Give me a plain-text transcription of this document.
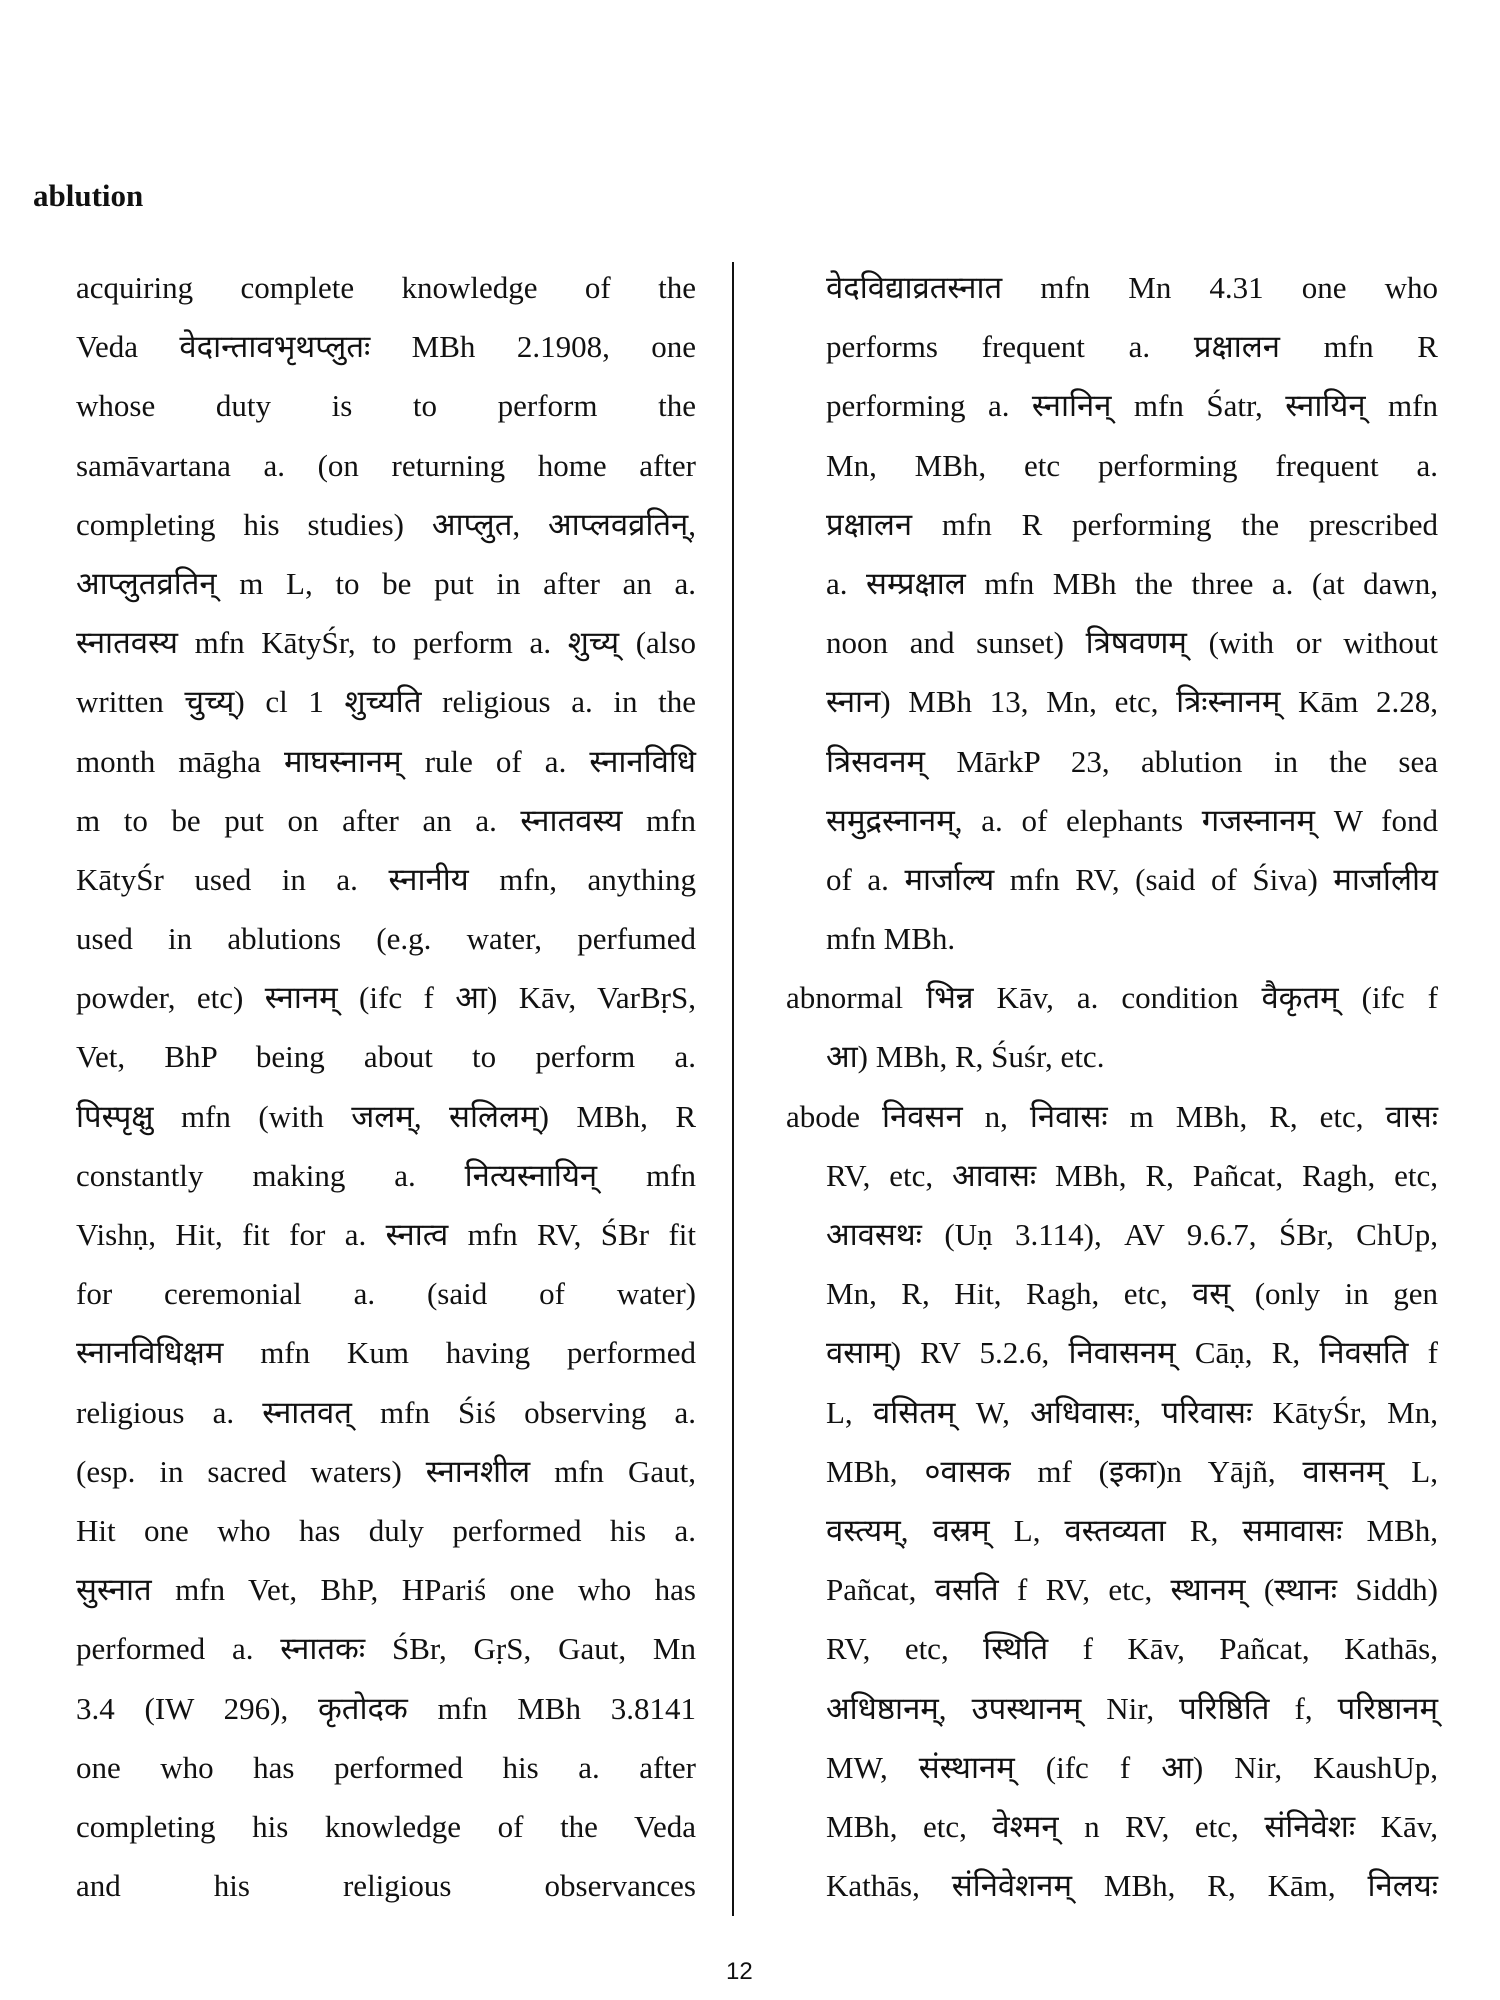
ablution
acquiring complete knowledge of the
Veda वेदान्तावभृथप्लुतः MBh 2.1908, one
whose duty is to perform the
samāvartana a. (on returning home after
completing his studies) आप्लुत, आप्लवव्रतिन्,
आप्लुतव्रतिन् m L, to be put in after an a.
स्नातवस्य mfn KātyŚr, to perform a. शुच्य् (also
written चुच्य्) cl 1 शुच्यति religious a. in the
month māgha माघस्नानम् rule of a. स्नानविधि
m to be put on after an a. स्नातवस्य mfn
KātyŚr used in a. स्नानीय mfn, anything
used in ablutions (e.g. water, perfumed
powder, etc) स्नानम् (ifc f आ) Kāv, VarBṛS,
Vet, BhP being about to perform a.
पिस्पृक्षु mfn (with जलम्, सलिलम्) MBh, R
constantly making a. नित्यस्नायिन् mfn
Vishṇ, Hit, fit for a. स्नात्व mfn RV, ŚBr fit
for ceremonial a. (said of water)
स्नानविधिक्षम mfn Kum having performed
religious a. स्नातवत् mfn Śiś observing a.
(esp. in sacred waters) स्नानशील mfn Gaut,
Hit one who has duly performed his a.
सुस्नात mfn Vet, BhP, HPariś one who has
performed a. स्नातकः ŚBr, GṛS, Gaut, Mn
3.4 (IW 296), कृतोदक mfn MBh 3.8141
one who has performed his a. after
completing his knowledge of the Veda
and his religious observances
वेदविद्याव्रतस्नात mfn Mn 4.31 one who
performs frequent a. प्रक्षालन mfn R
performing a. स्नानिन् mfn Śatr, स्नायिन् mfn
Mn, MBh, etc performing frequent a.
प्रक्षालन mfn R performing the prescribed
a. सम्प्रक्षाल mfn MBh the three a. (at dawn,
noon and sunset) त्रिषवणम् (with or without
स्नान) MBh 13, Mn, etc, त्रिःस्नानम् Kām 2.28,
त्रिसवनम् MārkP 23, ablution in the sea
समुद्रस्नानम्, a. of elephants गजस्नानम् W fond
of a. मार्जाल्य mfn RV, (said of Śiva) मार्जालीय
mfn MBh.
abnormal भिन्न Kāv, a. condition वैकृतम् (ifc f
आ) MBh, R, Śuśr, etc.
abode निवसन n, निवासः m MBh, R, etc, वासः
RV, etc, आवासः MBh, R, Pañcat, Ragh, etc,
आवसथः (Uṇ 3.114), AV 9.6.7, ŚBr, ChUp,
Mn, R, Hit, Ragh, etc, वस् (only in gen
वसाम्) RV 5.2.6, निवासनम् Cāṇ, R, निवसति f
L, वसितम् W, अधिवासः, परिवासः KātyŚr, Mn,
MBh, ०वासक mf (इका)n Yājñ, वासनम् L,
वस्त्यम्, वस्रम् L, वस्तव्यता R, समावासः MBh,
Pañcat, वसति f RV, etc, स्थानम् (स्थानः Siddh)
RV, etc, स्थिति f Kāv, Pañcat, Kathās,
अधिष्ठानम्, उपस्थानम् Nir, परिष्ठिति f, परिष्ठानम्
MW, संस्थानम् (ifc f आ) Nir, KaushUp,
MBh, etc, वेश्मन् n RV, etc, संनिवेशः Kāv,
Kathās, संनिवेशनम् MBh, R, Kām, निलयः
12
